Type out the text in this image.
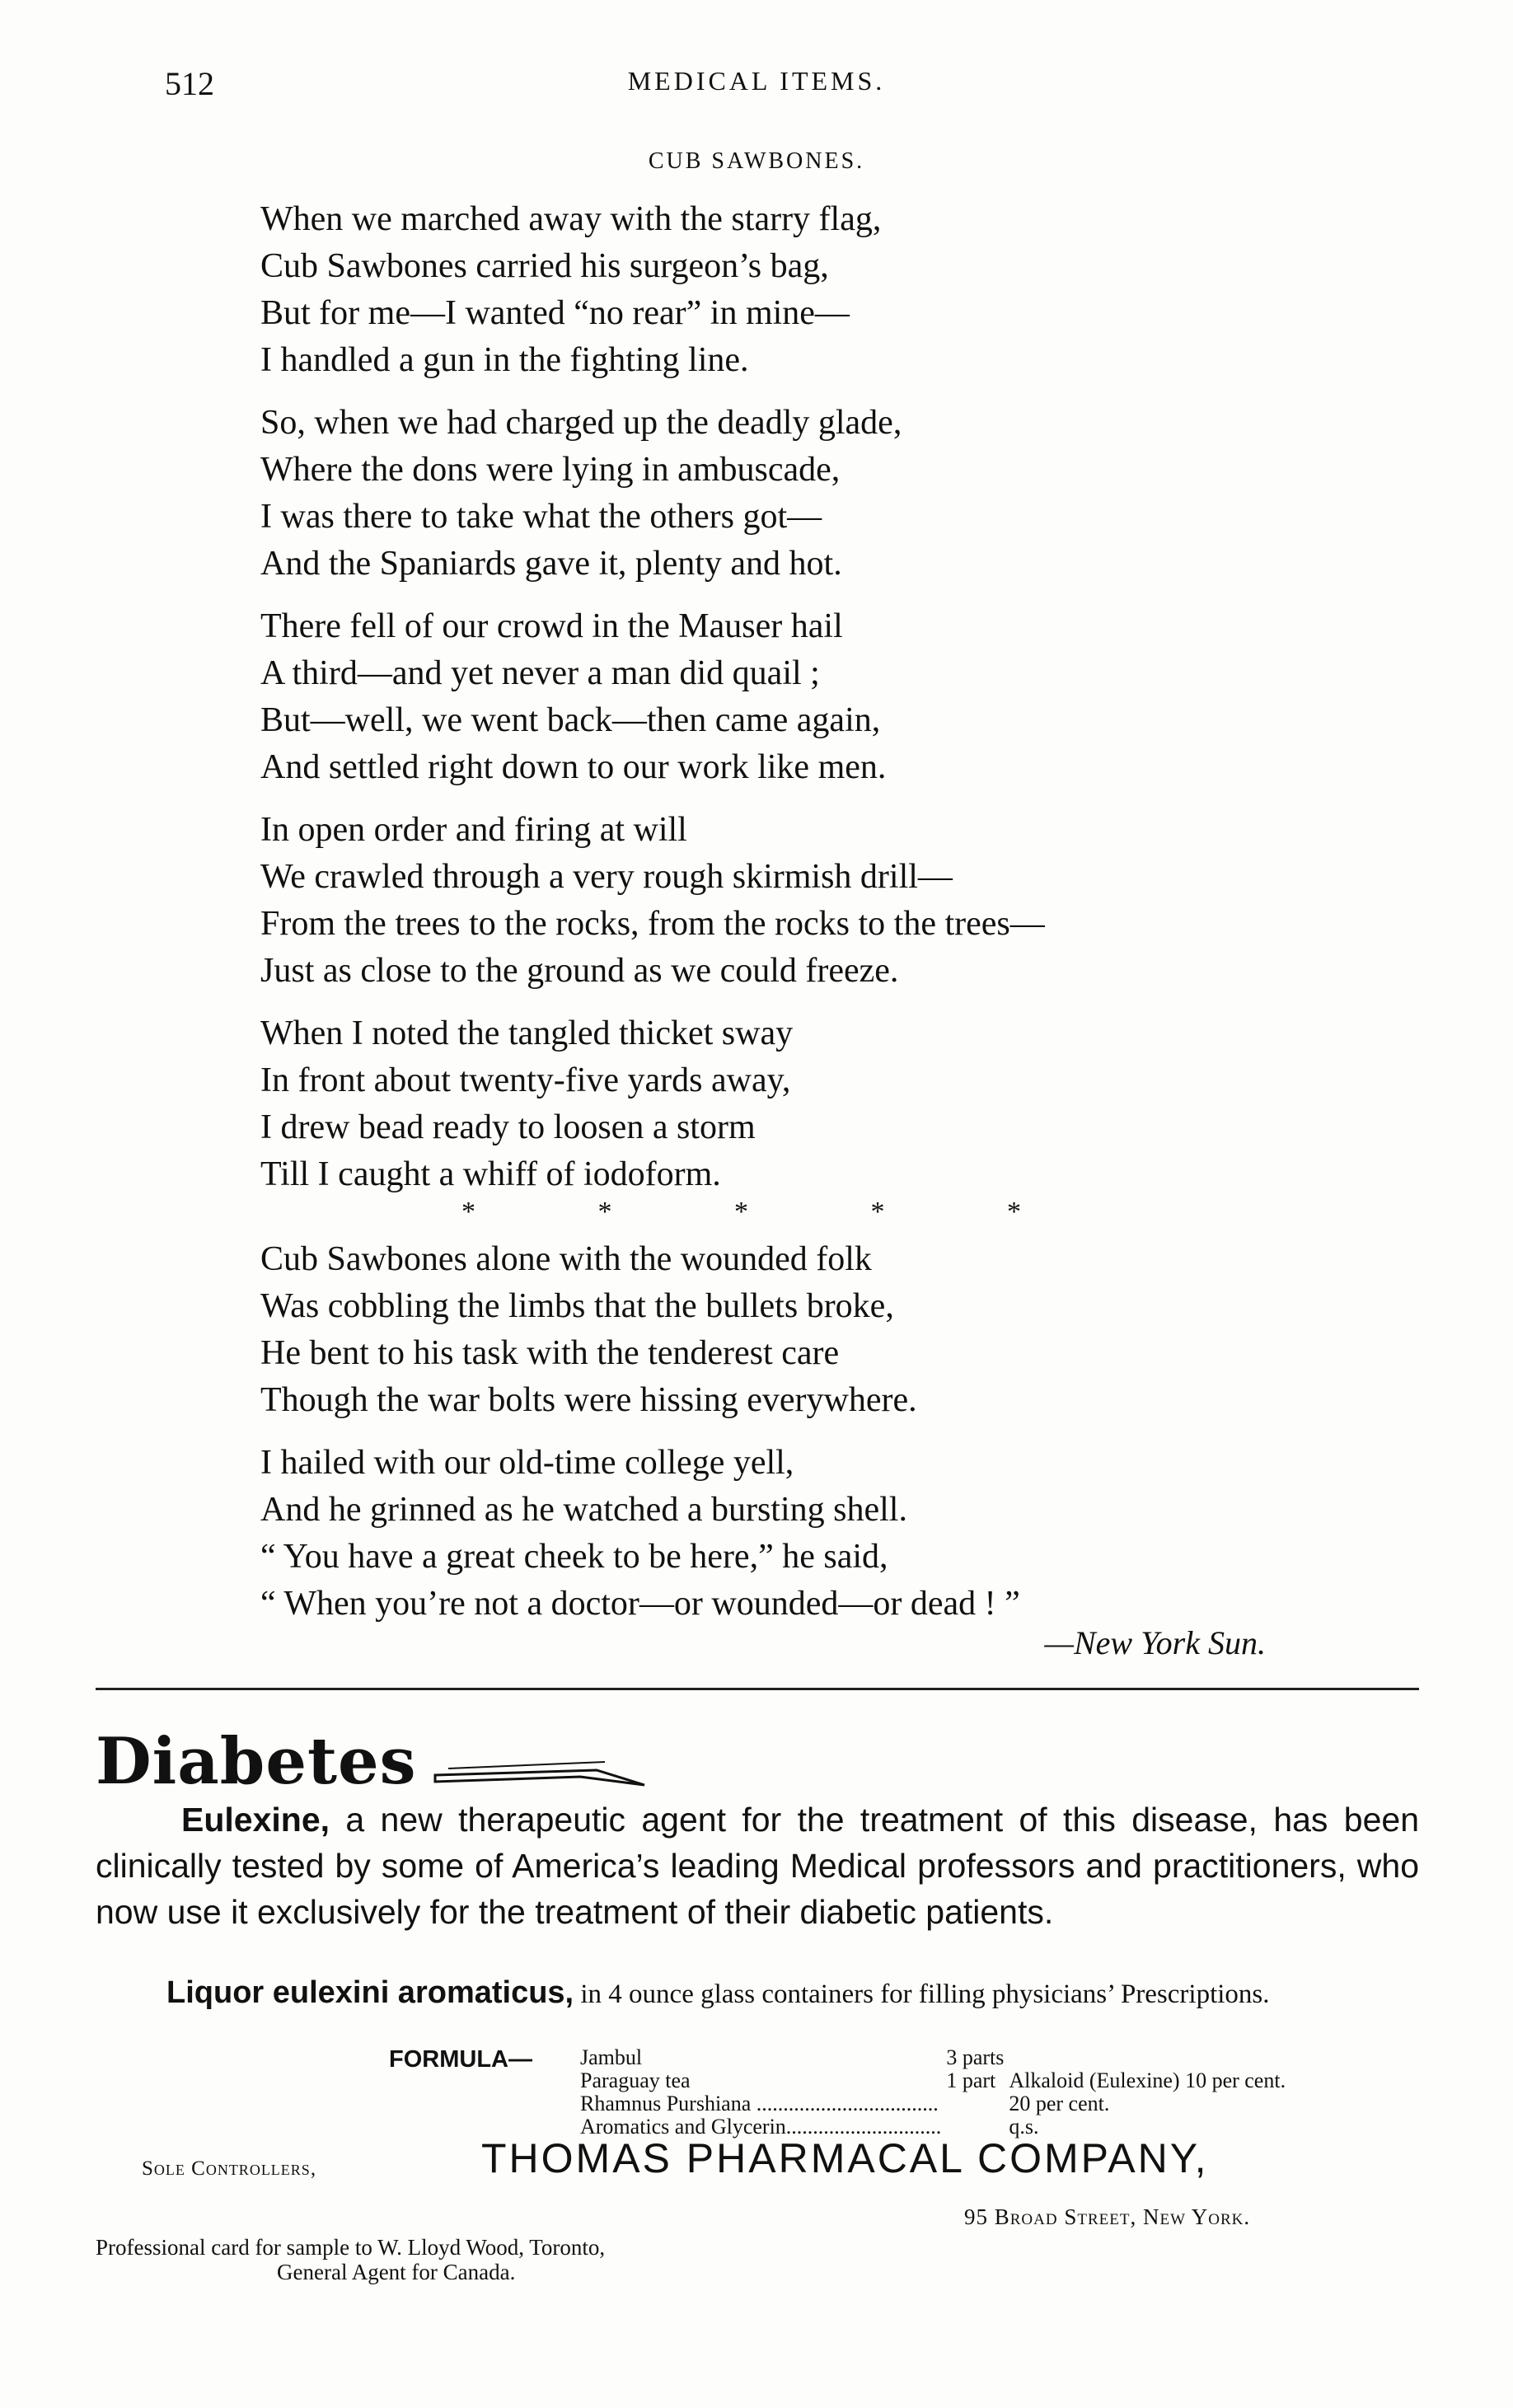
512	MEDICAL ITEMS.
CUB SAWBONES.
When we marched away with the starry flag,
Cub Sawbones carried his surgeon’s bag,
But for me—I wanted “no rear” in mine—
I handled a gun in the fighting line.
So, when we had charged up the deadly glade,
Where the dons were lying in ambuscade,
I was there to take what the others got—
And the Spaniards gave it, plenty and hot.
There fell of our crowd in the Mauser hail
A third—and yet never a man did quail ;
But—well, we went back—then came again,
And settled right down to our work like men.
In open order and firing at will
We crawled through a very rough skirmish drill—
From the trees to the rocks, from the rocks to the trees—
Just as close to the ground as we could freeze.
When I noted the tangled thicket sway
In front about twenty-five yards away,
I drew bead ready to loosen a storm
Till I caught a whiff of iodoform.
* * * * *
Cub Sawbones alone with the wounded folk
Was cobbling the limbs that the bullets broke,
He bent to his task with the tenderest care
Though the war bolts were hissing everywhere.
I hailed with our old-time college yell,
And he grinned as he watched a bursting shell.
“ You have a great cheek to be here,” he said,
“ When you’re not a doctor—or wounded—or dead ! ”
—New York Sun.
Diabetes
Eulexine, a new therapeutic agent for the treatment of this disease, has been clinically tested by some of America’s leading Medical professors and practitioners, who now use it exclusively for the treatment of their diabetic patients.
Liquor eulexini aromaticus, in 4 ounce glass containers for filling physicians’ Prescriptions.
FORMULA— Jambul	3 parts	
Paraguay tea	1 part	Alkaloid (Eulexine) 10 per cent.
Rhamnus Purshiana ..................................		20 per cent.
Aromatics and Glycerin.............................		q.s.
Sole Controllers,	THOMAS PHARMACAL COMPANY,
95 Broad Street, New York.
Professional card for sample to W. Lloyd Wood, Toronto,
General Agent for Canada.
